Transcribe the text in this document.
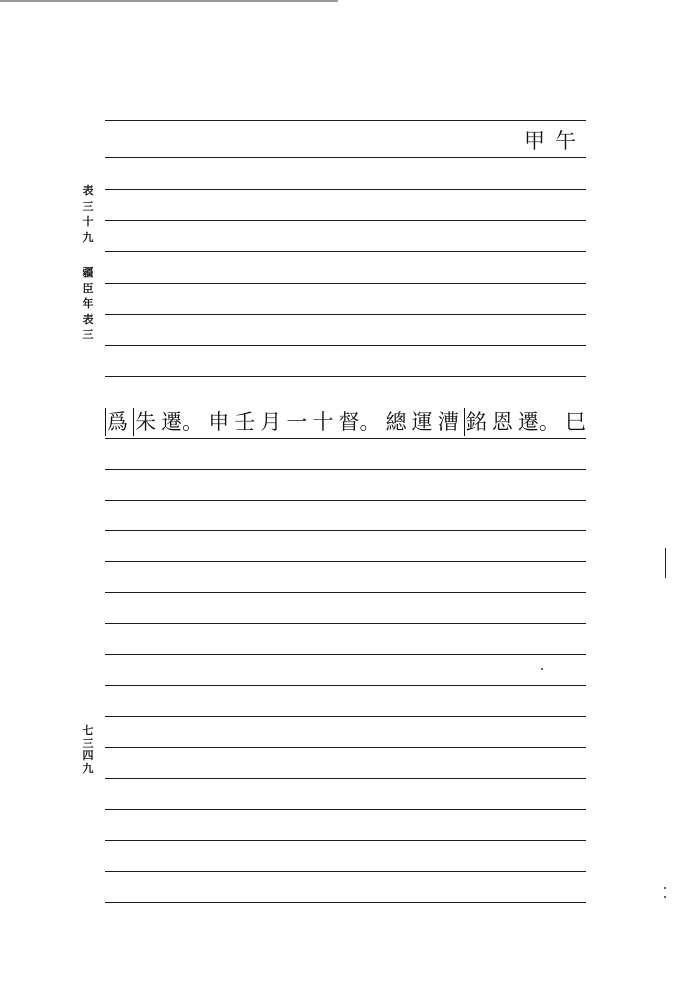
甲午
表
三
十
九
疆
臣
年
表
三
爲 朱 遷。 申 壬 月 一 十 督。 總 運 漕 銘 恩 遷。 巳
七
三
四
九
